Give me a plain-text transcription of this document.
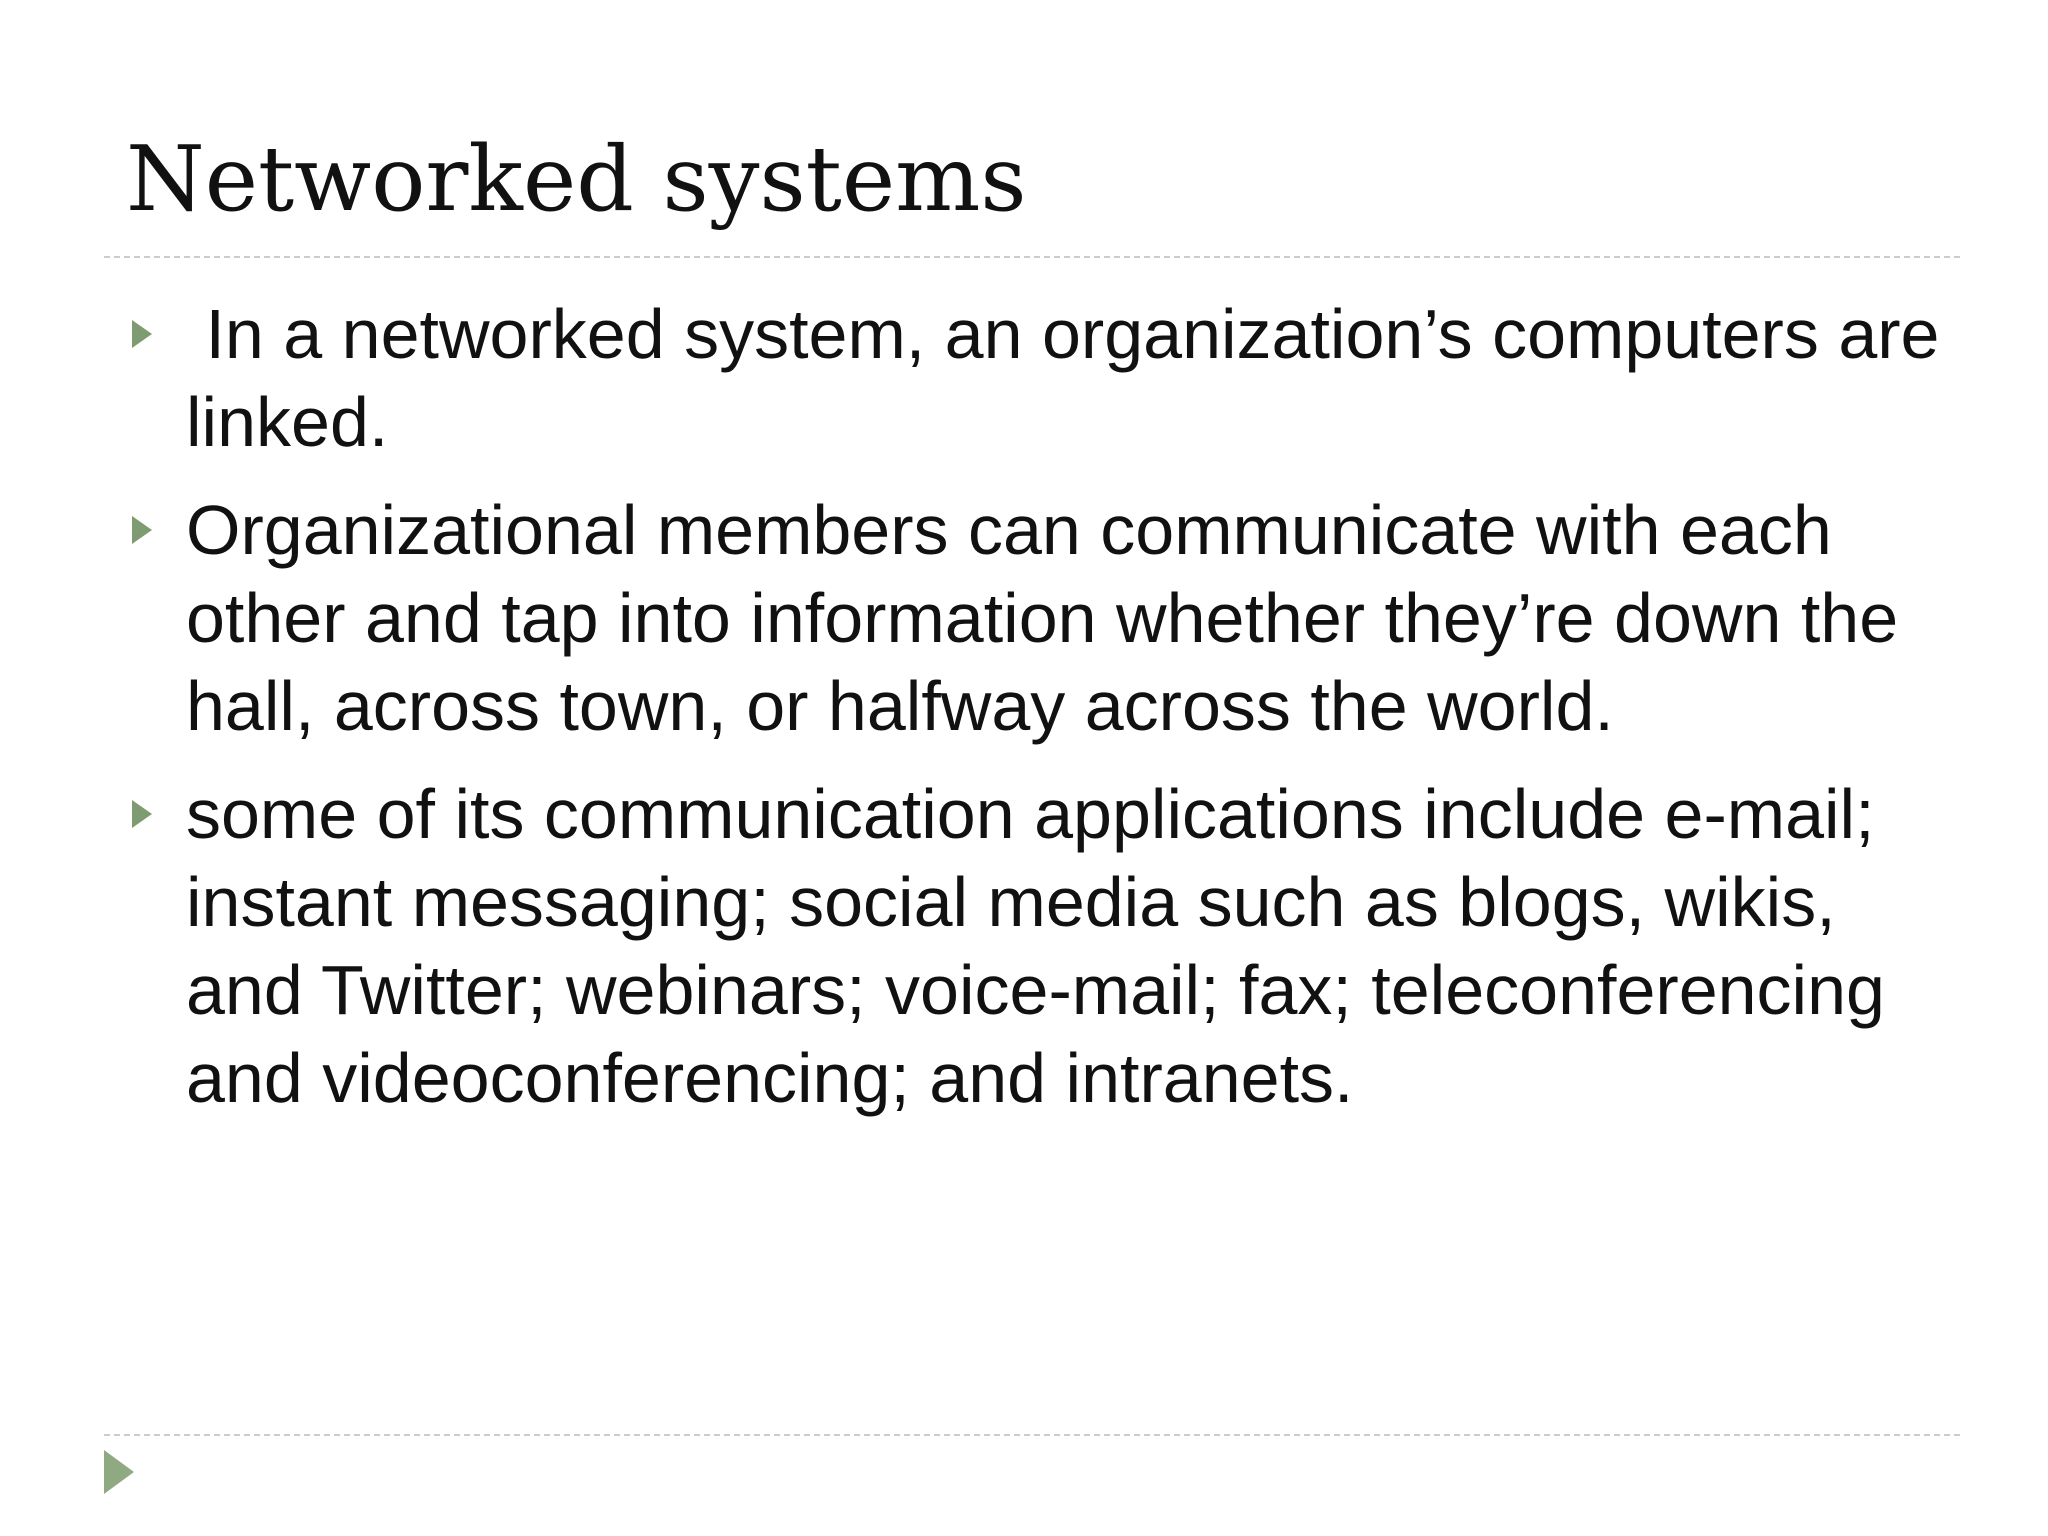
Networked systems
In a networked system, an organization’s computers are linked.
Organizational members can communicate with each other and tap into information whether they’re down the hall, across town, or halfway across the world.
some of its communication applications include e-mail; instant messaging; social media such as blogs, wikis, and Twitter; webinars; voice-mail; fax; teleconferencing and videoconferencing; and intranets.
